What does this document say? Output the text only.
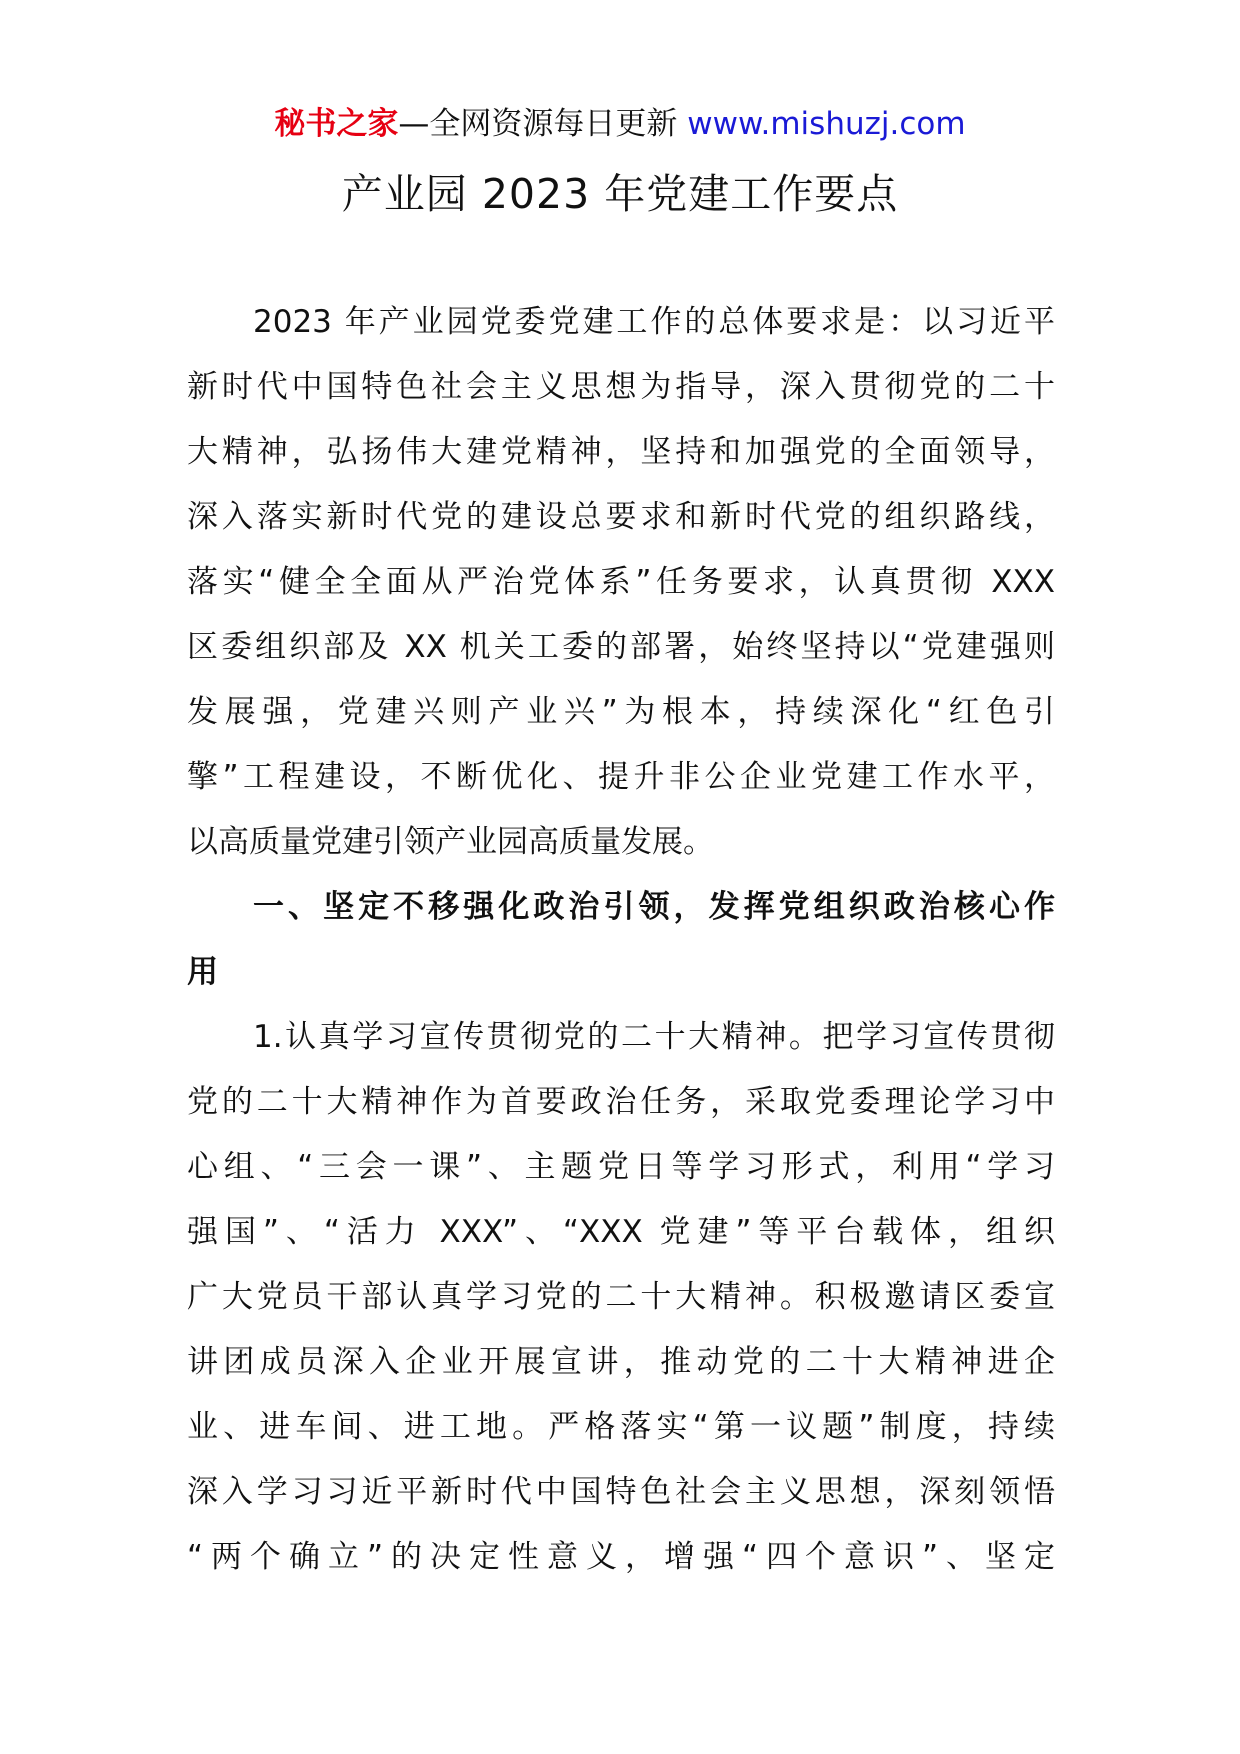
秘书之家—全网资源每日更新 www.mishuzj.com
产业园 2023 年党建工作要点
2023 年产业园党委党建工作的总体要求是：以习近平
新时代中国特色社会主义思想为指导，深入贯彻党的二十
大精神，弘扬伟大建党精神，坚持和加强党的全面领导，
深入落实新时代党的建设总要求和新时代党的组织路线，
落实“健全全面从严治党体系”任务要求，认真贯彻 XXX
区委组织部及 XX 机关工委的部署，始终坚持以“党建强则
发展强，党建兴则产业兴”为根本，持续深化“红色引
擎”工程建设，不断优化、提升非公企业党建工作水平，
以高质量党建引领产业园高质量发展。
一、坚定不移强化政治引领，发挥党组织政治核心作
用
1.认真学习宣传贯彻党的二十大精神。把学习宣传贯彻
党的二十大精神作为首要政治任务，采取党委理论学习中
心组、“三会一课”、主题党日等学习形式，利用“学习
强国”、“活力 XXX”、“XXX 党建”等平台载体，组织
广大党员干部认真学习党的二十大精神。积极邀请区委宣
讲团成员深入企业开展宣讲，推动党的二十大精神进企
业、进车间、进工地。严格落实“第一议题”制度，持续
深入学习习近平新时代中国特色社会主义思想，深刻领悟
“两个确立”的决定性意义，增强“四个意识”、坚定
